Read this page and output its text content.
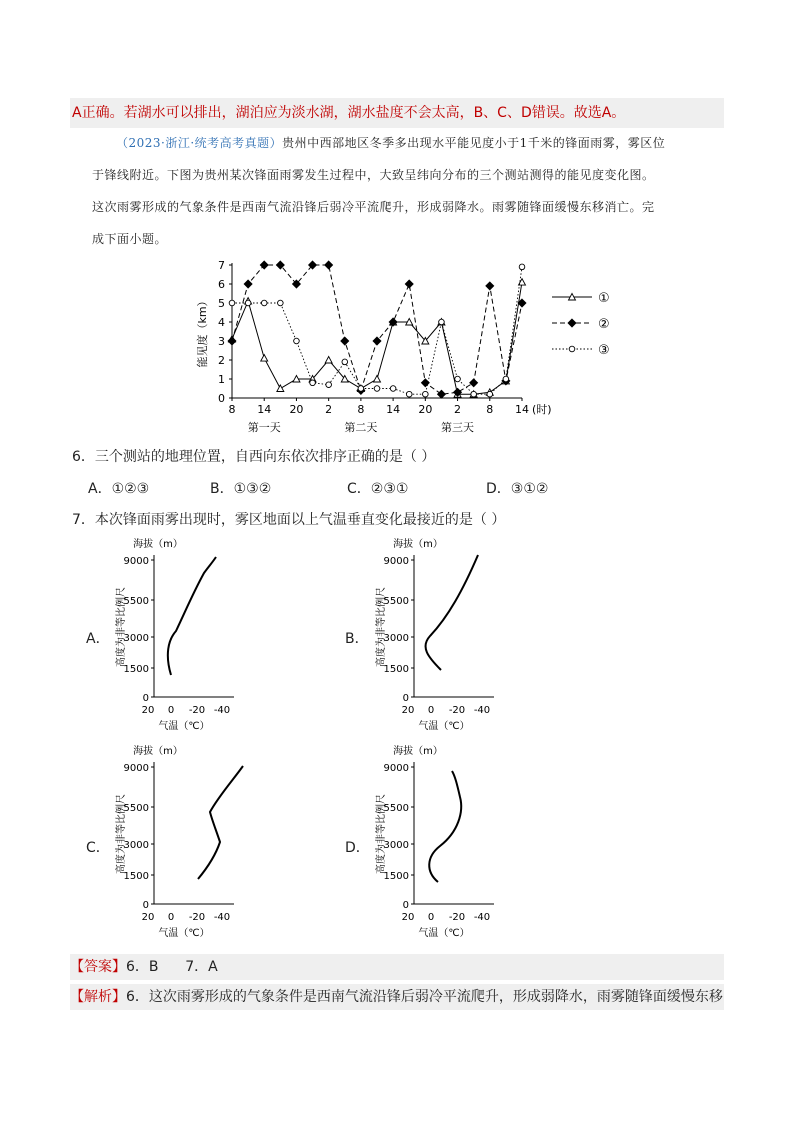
A正确。若湖水可以排出，湖泊应为淡水湖，湖水盐度不会太高，B、C、D错误。故选A。
（2023·浙江·统考高考真题）贵州中西部地区冬季多出现水平能见度小于1千米的锋面雨雾，雾区位
于锋线附近。下图为贵州某次锋面雨雾发生过程中，大致呈纬向分布的三个测站测得的能见度变化图。
这次雨雾形成的气象条件是西南气流沿锋后弱冷平流爬升，形成弱降水。雨雾随锋面缓慢东移消亡。完
成下面小题。
0
1
2
3
4
5
6
7
8 14 20 2 8 14 20 2 8 14 (时)
第一天	第二天	第三天
能见度（km）	①
②
③
6．三个测站的地理位置，自西向东依次排序正确的是（ ）
A．①②③	B．①③②	C．②③①	D．③①②
7．本次锋面雨雾出现时，雾区地面以上气温垂直变化最接近的是（ ）
A．	B．
C．	D．
9000
5500
3000
1500
0
20 0 -20 -40
海拔（m）
气温（℃）
高度为非等比例尺
9000
5500
3000
1500
0
20 0 -20 -40
海拔（m）
气温（℃）
高度为非等比例尺
9000
5500
3000
1500
0
20 0 -20 -40
海拔（m）
气温（℃）
高度为非等比例尺
9000
5500
3000
1500
0
20 0 -20 -40
海拔（m）
气温（℃）
高度为非等比例尺
【答案】6．B      7．A
【解析】6．这次雨雾形成的气象条件是西南气流沿锋后弱冷平流爬升，形成弱降水，雨雾随锋面缓慢东移
